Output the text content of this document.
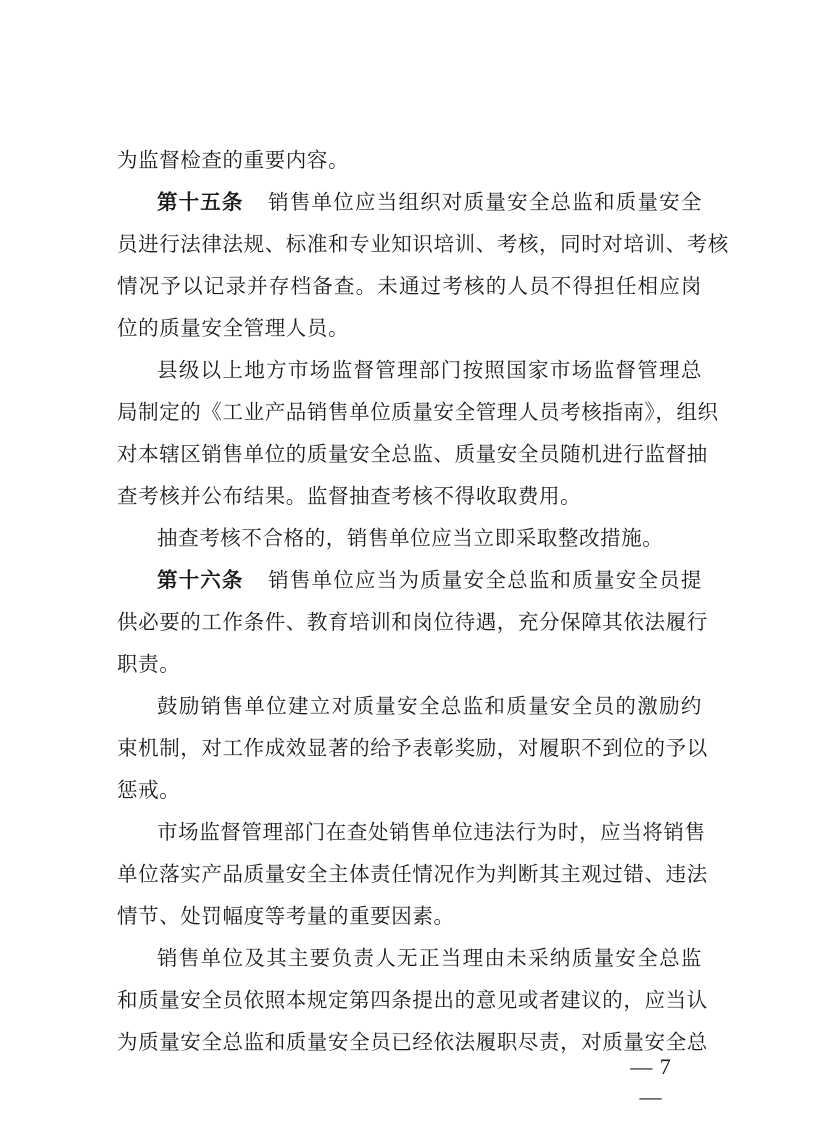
为监督检查的重要内容。
第十五条 销售单位应当组织对质量安全总监和质量安全
员进行法律法规、标准和专业知识培训、考核，同时对培训、考核
情况予以记录并存档备查。未通过考核的人员不得担任相应岗
位的质量安全管理人员。
县级以上地方市场监督管理部门按照国家市场监督管理总
局制定的《工业产品销售单位质量安全管理人员考核指南》，组织
对本辖区销售单位的质量安全总监、质量安全员随机进行监督抽
查考核并公布结果。监督抽查考核不得收取费用。
抽查考核不合格的，销售单位应当立即采取整改措施。
第十六条 销售单位应当为质量安全总监和质量安全员提
供必要的工作条件、教育培训和岗位待遇，充分保障其依法履行
职责。
鼓励销售单位建立对质量安全总监和质量安全员的激励约
束机制，对工作成效显著的给予表彰奖励，对履职不到位的予以
惩戒。
市场监督管理部门在查处销售单位违法行为时，应当将销售
单位落实产品质量安全主体责任情况作为判断其主观过错、违法
情节、处罚幅度等考量的重要因素。
销售单位及其主要负责人无正当理由未采纳质量安全总监
和质量安全员依照本规定第四条提出的意见或者建议的，应当认
为质量安全总监和质量安全员已经依法履职尽责，对质量安全总
— 7 —
